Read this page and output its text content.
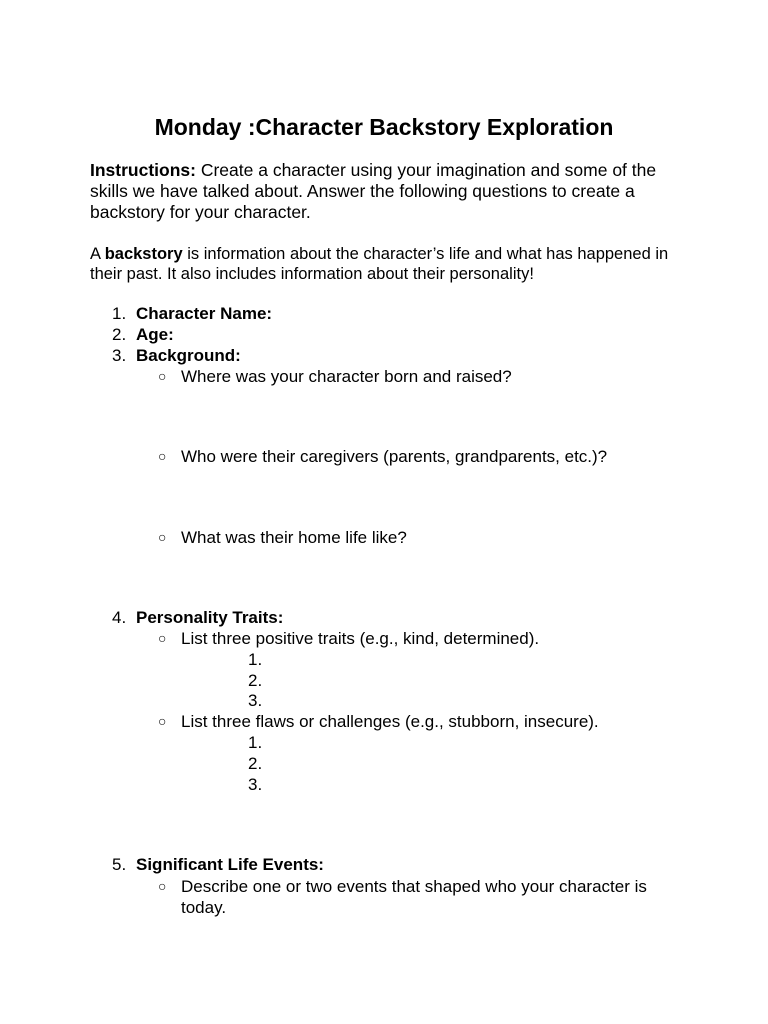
Monday :Character Backstory Exploration
Instructions: Create a character using your imagination and some of the skills we have talked about. Answer the following questions to create a backstory for your character.
A backstory is information about the character’s life and what has happened in their past. It also includes information about their personality!
1. Character Name:
2. Age:
3. Background:
○ Where was your character born and raised?
○ Who were their caregivers (parents, grandparents, etc.)?
○ What was their home life like?
4. Personality Traits:
○ List three positive traits (e.g., kind, determined).
1.
2.
3.
○ List three flaws or challenges (e.g., stubborn, insecure).
1.
2.
3.
5. Significant Life Events:
○ Describe one or two events that shaped who your character is today.
